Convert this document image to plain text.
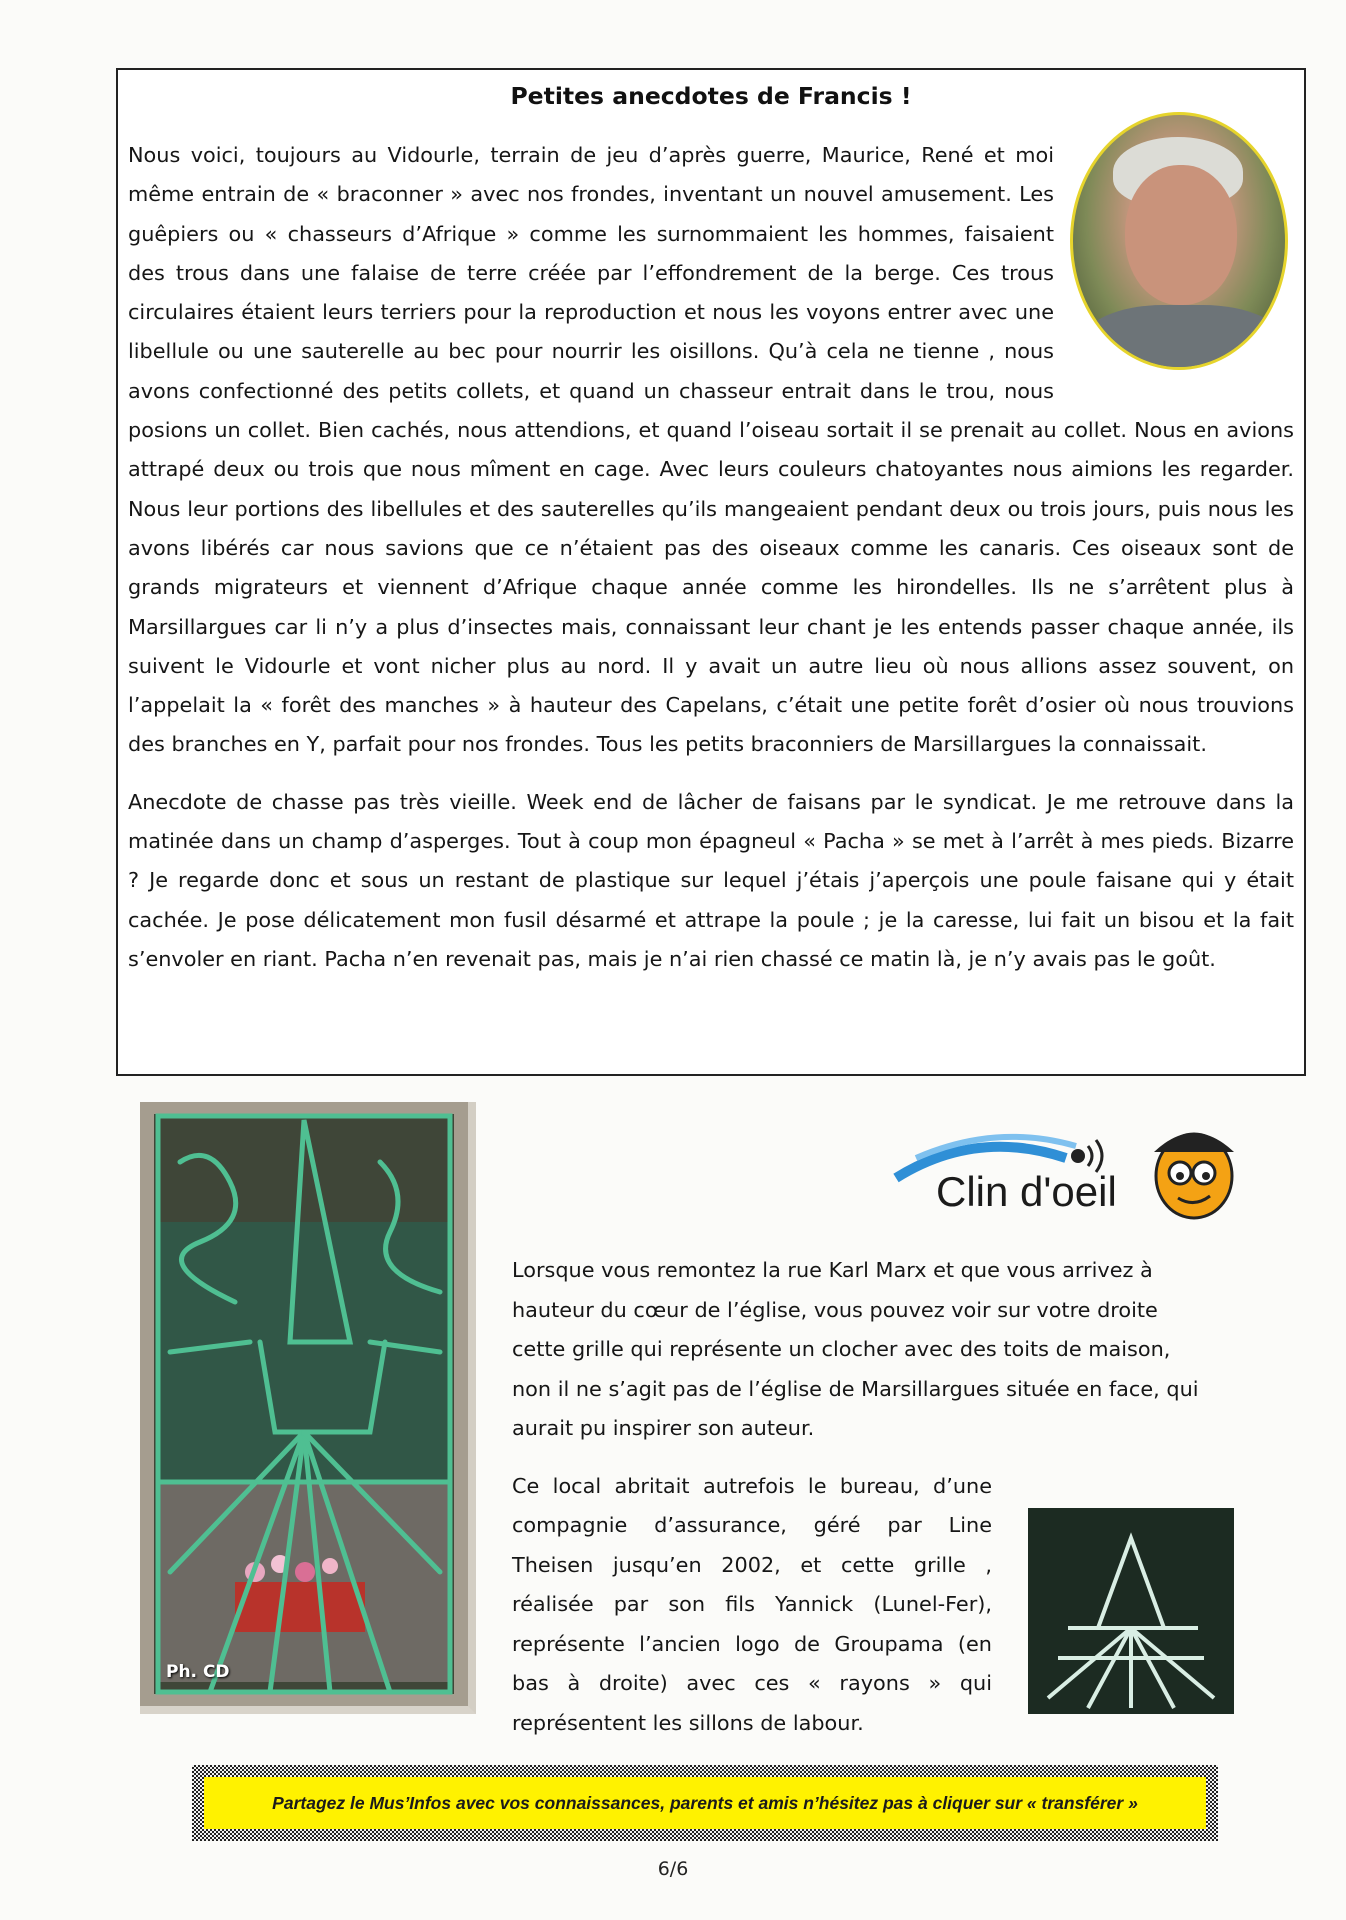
Petites anecdotes de Francis !

Nous voici, toujours au Vidourle, terrain de jeu d’après guerre, Maurice, René et moi même entrain de « braconner » avec nos frondes, inventant un nouvel amusement. Les guêpiers ou « chasseurs d’Afrique » comme les surnommaient les hommes, faisaient des trous dans une falaise de terre créée par l’effondrement de la berge. Ces trous circulaires étaient leurs terriers pour la reproduction et nous les voyons entrer avec une libellule ou une sauterelle au bec pour nourrir les oisillons. Qu’à cela ne tienne , nous avons confectionné des petits collets, et quand un chasseur entrait dans le trou, nous posions un collet. Bien cachés, nous attendions, et quand l’oiseau sortait il se prenait au collet. Nous en avions attrapé deux ou trois que nous mîment en cage. Avec leurs couleurs chatoyantes nous aimions les regarder. Nous leur portions des libellules et des sauterelles qu’ils mangeaient pendant deux ou trois jours, puis nous les avons libérés car nous savions que ce n’étaient pas des oiseaux comme les canaris. Ces oiseaux sont de grands migrateurs et viennent d’Afrique chaque année comme les hirondelles. Ils ne s’arrêtent plus à Marsillargues car li n’y a plus d’insectes mais, connaissant leur chant je les entends passer chaque année, ils suivent le Vidourle et vont nicher plus au nord. Il y avait un autre lieu où nous allions assez souvent, on l’appelait la « forêt des manches » à hauteur des Capelans, c’était une petite forêt d’osier où nous trouvions des branches en Y, parfait pour nos frondes. Tous les petits braconniers de Marsillargues la connaissait.

Anecdote de chasse pas très vieille. Week end de lâcher de faisans par le syndicat. Je me retrouve dans la matinée dans un champ d’asperges. Tout à coup mon épagneul « Pacha » se met à l’arrêt à mes pieds. Bizarre ? Je regarde donc et sous un restant de plastique sur lequel j’étais j’aperçois une poule faisane qui y était cachée. Je pose délicatement mon fusil désarmé et attrape la poule ; je la caresse, lui fait un bisou et la fait s’envoler en riant. Pacha n’en revenait pas, mais je n’ai rien chassé ce matin là, je n’y avais pas le goût.

Ph. CD
Clin d'oeil

Lorsque vous remontez la rue Karl Marx et que vous arrivez à hauteur du cœur de l’église, vous pouvez voir sur votre droite cette grille qui représente un clocher avec des toits de maison, non il ne s’agit pas de l’église de Marsillargues située en face, qui aurait pu inspirer son auteur.

Ce local abritait autrefois le bureau, d’une compagnie d’assurance, géré par Line Theisen jusqu’en 2002, et cette grille , réalisée par son fils Yannick (Lunel-Fer), représente l’ancien logo de Groupama (en bas à droite) avec ces « rayons » qui représentent les sillons de labour.

Partagez le Mus’Infos avec vos connaissances, parents et amis n’hésitez pas à cliquer sur « transférer »
6/6
